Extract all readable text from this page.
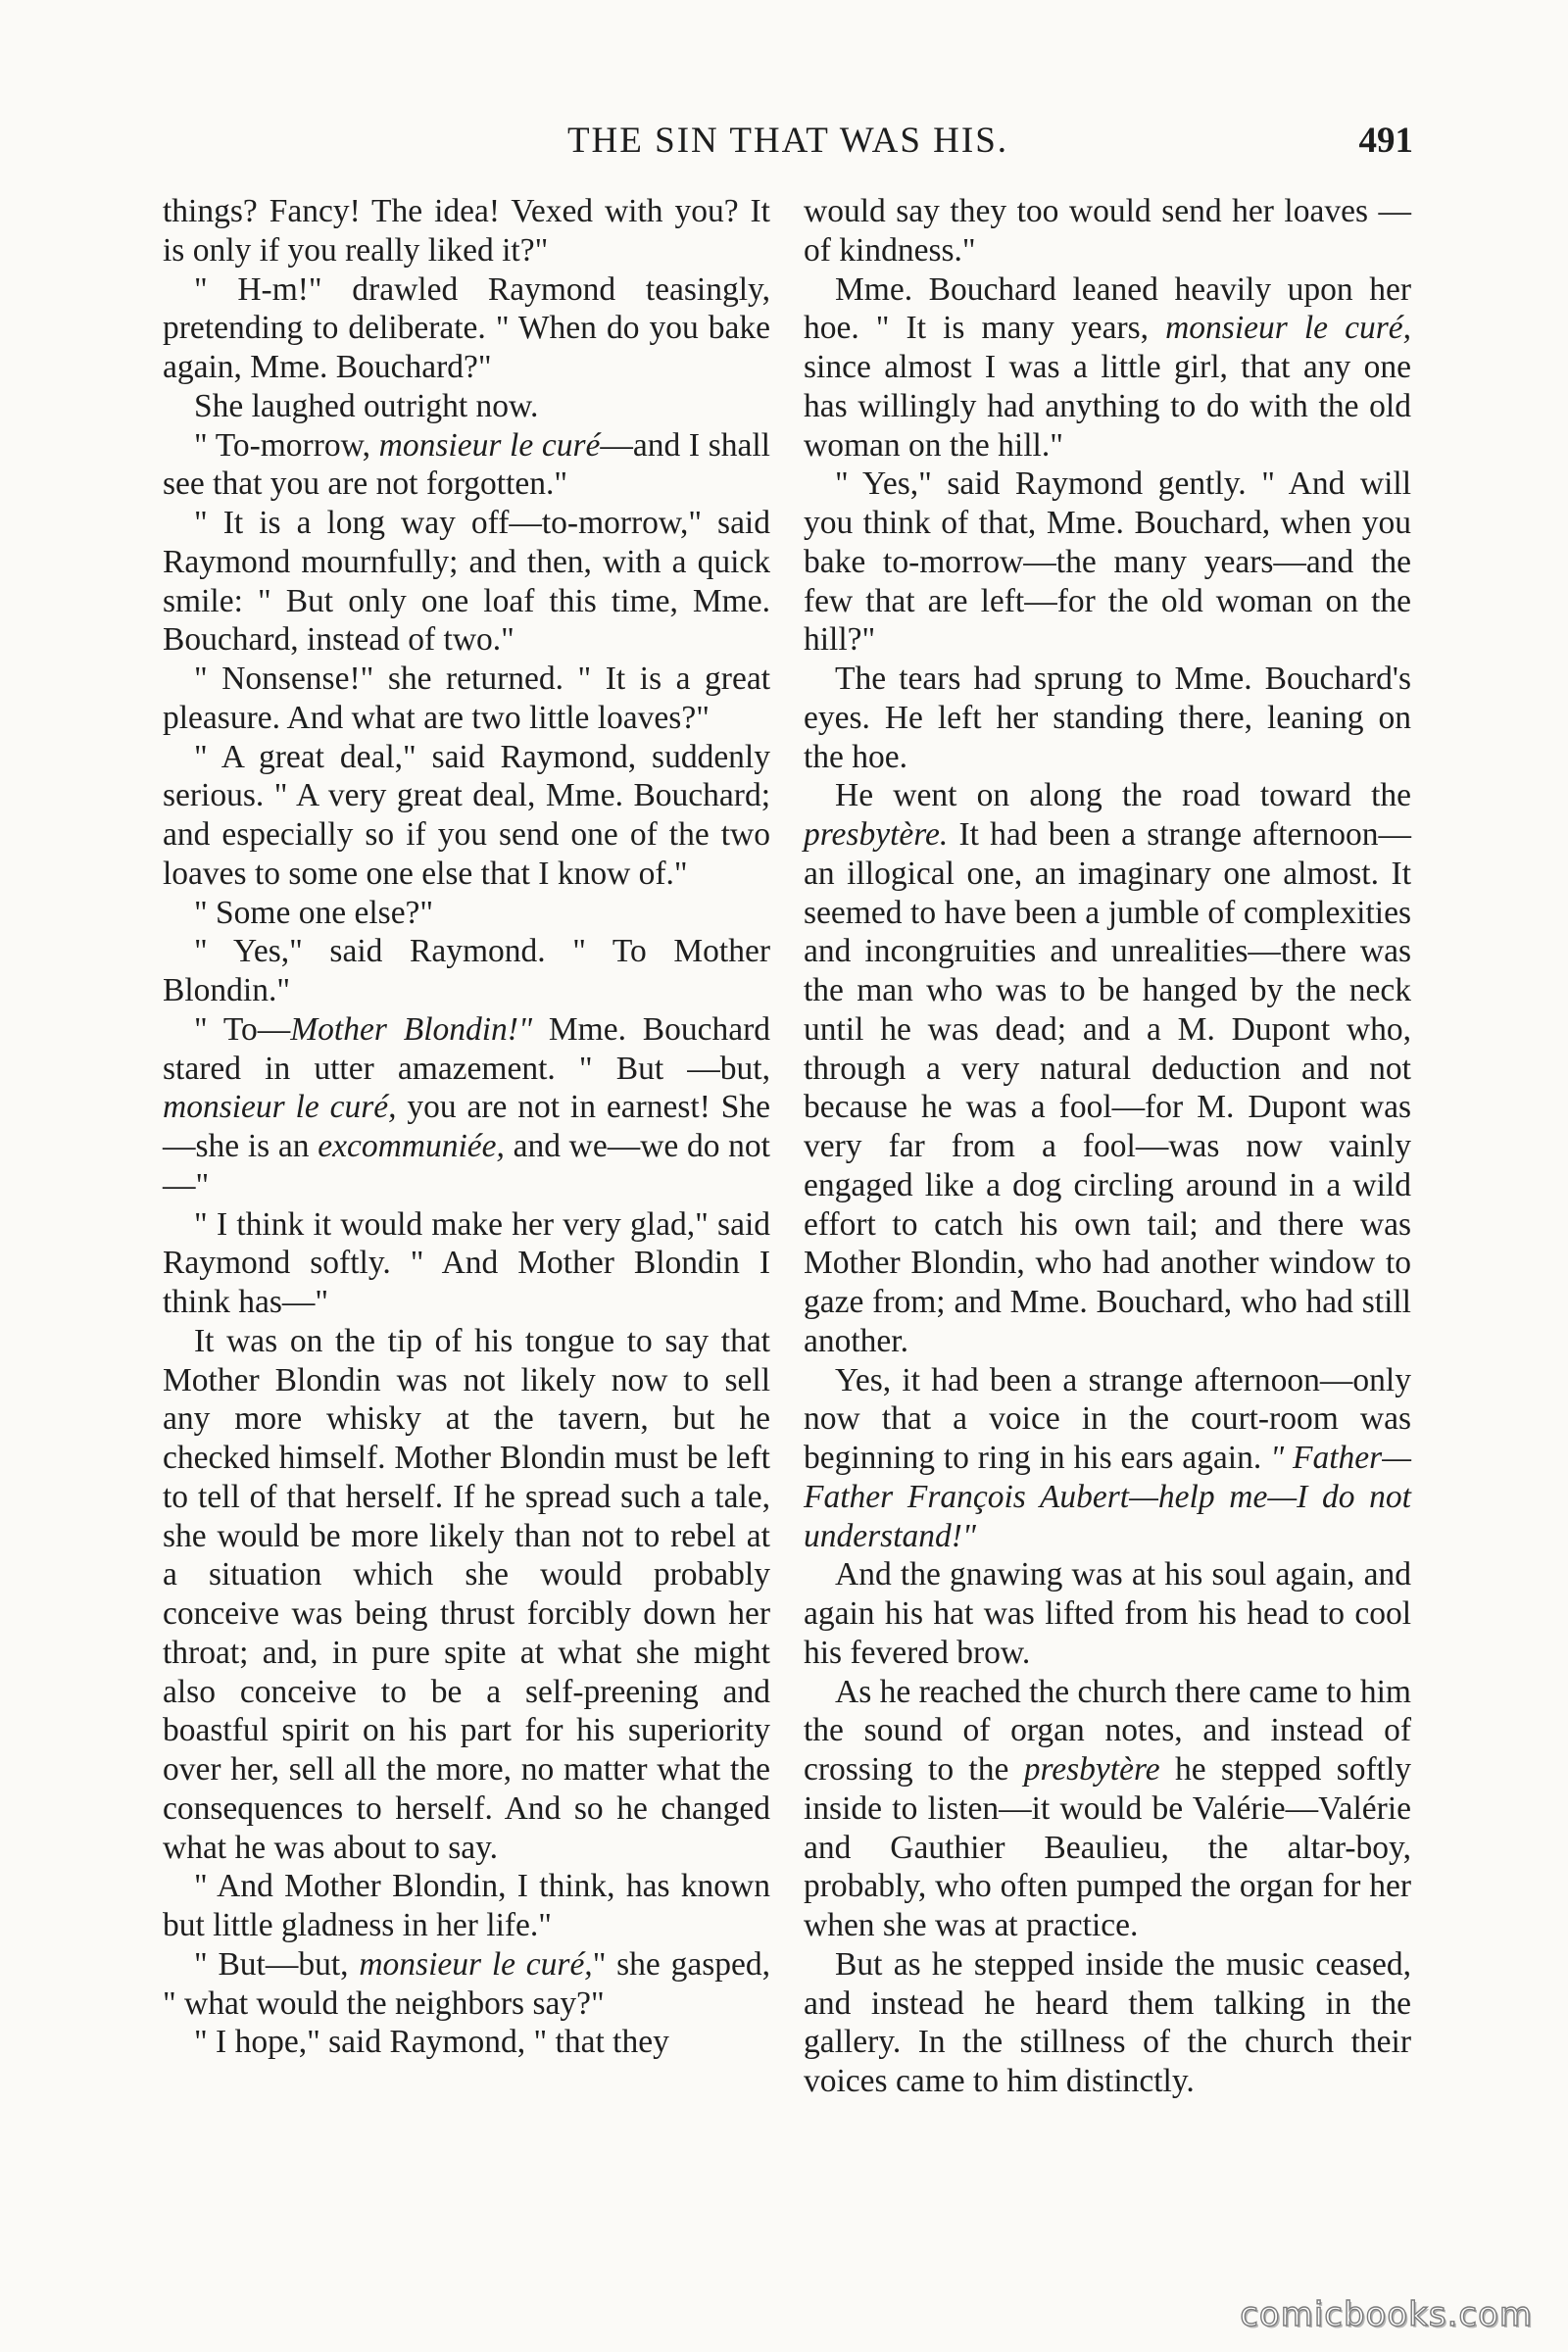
THE SIN THAT WAS HIS.	491

things? Fancy! The idea! Vexed with you? It is only if you really liked it?"

" H-m!" drawled Raymond teasingly, pretending to deliberate. " When do you bake again, Mme. Bouchard?"

She laughed outright now.

" To-morrow, monsieur le curé—and I shall see that you are not forgotten."

" It is a long way off—to-morrow," said Raymond mournfully; and then, with a quick smile: " But only one loaf this time, Mme. Bouchard, instead of two."

" Nonsense!" she returned. " It is a great pleasure. And what are two little loaves?"

" A great deal," said Raymond, suddenly serious. " A very great deal, Mme. Bouchard; and especially so if you send one of the two loaves to some one else that I know of."

" Some one else?"

" Yes," said Raymond. " To Mother Blondin."

" To—Mother Blondin!" Mme. Bouchard stared in utter amazement. " But —but, monsieur le curé, you are not in earnest! She—she is an excommuniée, and we—we do not—"

" I think it would make her very glad," said Raymond softly. " And Mother Blondin I think has—"

It was on the tip of his tongue to say that Mother Blondin was not likely now to sell any more whisky at the tavern, but he checked himself. Mother Blondin must be left to tell of that herself. If he spread such a tale, she would be more likely than not to rebel at a situation which she would probably conceive was being thrust forcibly down her throat; and, in pure spite at what she might also conceive to be a self-preening and boastful spirit on his part for his superiority over her, sell all the more, no matter what the consequences to herself. And so he changed what he was about to say.

" And Mother Blondin, I think, has known but little gladness in her life."

" But—but, monsieur le curé," she gasped, " what would the neighbors say?"

" I hope," said Raymond, " that they

would say they too would send her loaves —of kindness."

Mme. Bouchard leaned heavily upon her hoe. " It is many years, monsieur le curé, since almost I was a little girl, that any one has willingly had anything to do with the old woman on the hill."

" Yes," said Raymond gently. " And will you think of that, Mme. Bouchard, when you bake to-morrow—the many years—and the few that are left—for the old woman on the hill?"

The tears had sprung to Mme. Bouchard's eyes. He left her standing there, leaning on the hoe.

He went on along the road toward the presbytère. It had been a strange afternoon—an illogical one, an imaginary one almost. It seemed to have been a jumble of complexities and incongruities and unrealities—there was the man who was to be hanged by the neck until he was dead; and a M. Dupont who, through a very natural deduction and not because he was a fool—for M. Dupont was very far from a fool—was now vainly engaged like a dog circling around in a wild effort to catch his own tail; and there was Mother Blondin, who had another window to gaze from; and Mme. Bouchard, who had still another.

Yes, it had been a strange afternoon—only now that a voice in the court-room was beginning to ring in his ears again. " Father—Father François Aubert—help me—I do not understand!"

And the gnawing was at his soul again, and again his hat was lifted from his head to cool his fevered brow.

As he reached the church there came to him the sound of organ notes, and instead of crossing to the presbytère he stepped softly inside to listen—it would be Valérie—Valérie and Gauthier Beaulieu, the altar-boy, probably, who often pumped the organ for her when she was at practice.

But as he stepped inside the music ceased, and instead he heard them talking in the gallery. In the stillness of the church their voices came to him distinctly.

comicbooks.com
